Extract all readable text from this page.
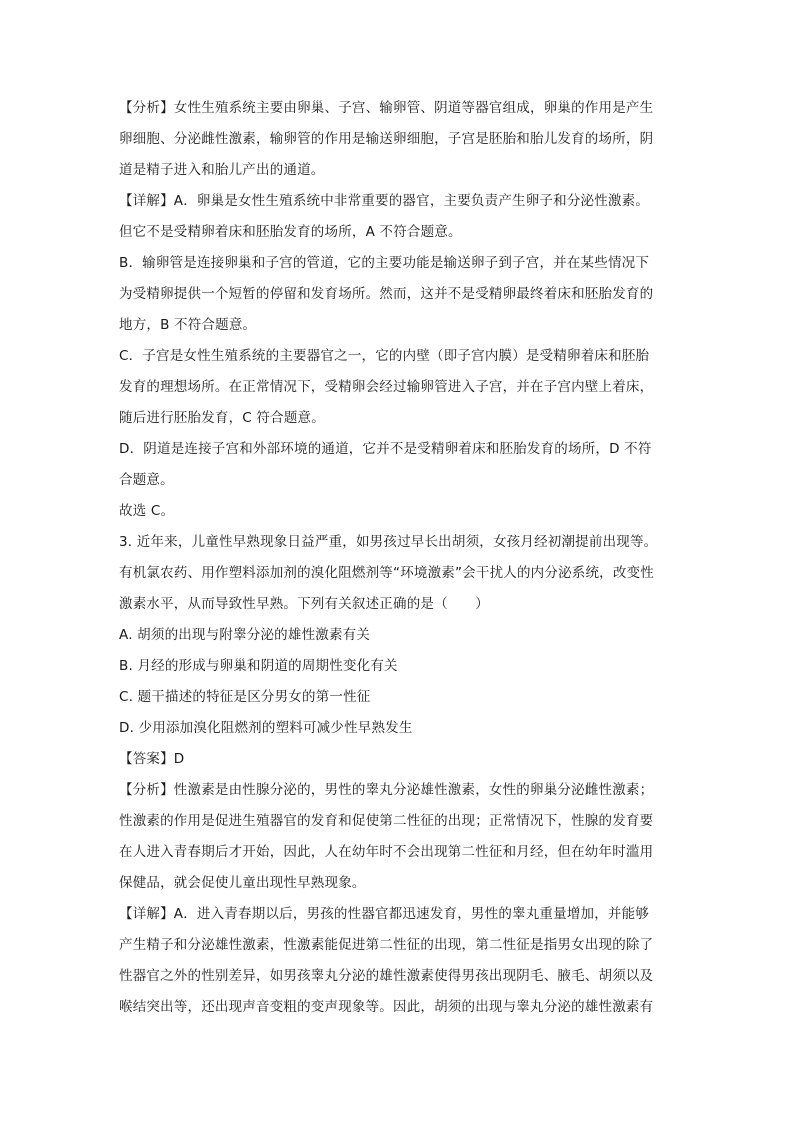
【分析】女性生殖系统主要由卵巢、子宫、输卵管、阴道等器官组成，卵巢的作用是产生
卵细胞、分泌雌性激素，输卵管的作用是输送卵细胞，子宫是胚胎和胎儿发育的场所，阴
道是精子进入和胎儿产出的通道。
【详解】A．卵巢是女性生殖系统中非常重要的器官，主要负责产生卵子和分泌性激素。
但它不是受精卵着床和胚胎发育的场所，A 不符合题意。
B．输卵管是连接卵巢和子宫的管道，它的主要功能是输送卵子到子宫，并在某些情况下
为受精卵提供一个短暂的停留和发育场所。然而，这并不是受精卵最终着床和胚胎发育的
地方，B 不符合题意。
C．子宫是女性生殖系统的主要器官之一，它的内壁（即子宫内膜）是受精卵着床和胚胎
发育的理想场所。在正常情况下，受精卵会经过输卵管进入子宫，并在子宫内壁上着床，
随后进行胚胎发育，C 符合题意。
D．阴道是连接子宫和外部环境的通道，它并不是受精卵着床和胚胎发育的场所，D 不符
合题意。
故选 C。
3. 近年来，儿童性早熟现象日益严重，如男孩过早长出胡须，女孩月经初潮提前出现等。
有机氯农药、用作塑料添加剂的溴化阻燃剂等“环境激素”会干扰人的内分泌系统，改变性
激素水平，从而导致性早熟。下列有关叙述正确的是（　　）
A. 胡须的出现与附睾分泌的雄性激素有关
B. 月经的形成与卵巢和阴道的周期性变化有关
C. 题干描述的特征是区分男女的第一性征
D. 少用添加溴化阻燃剂的塑料可减少性早熟发生
【答案】D
【分析】性激素是由性腺分泌的，男性的睾丸分泌雄性激素，女性的卵巢分泌雌性激素；
性激素的作用是促进生殖器官的发育和促使第二性征的出现；正常情况下，性腺的发育要
在人进入青春期后才开始，因此，人在幼年时不会出现第二性征和月经，但在幼年时滥用
保健品，就会促使儿童出现性早熟现象。
【详解】A．进入青春期以后，男孩的性器官都迅速发育，男性的睾丸重量增加，并能够
产生精子和分泌雄性激素，性激素能促进第二性征的出现，第二性征是指男女出现的除了
性器官之外的性别差异，如男孩睾丸分泌的雄性激素使得男孩出现阴毛、腋毛、胡须以及
喉结突出等，还出现声音变粗的变声现象等。因此，胡须的出现与睾丸分泌的雄性激素有
